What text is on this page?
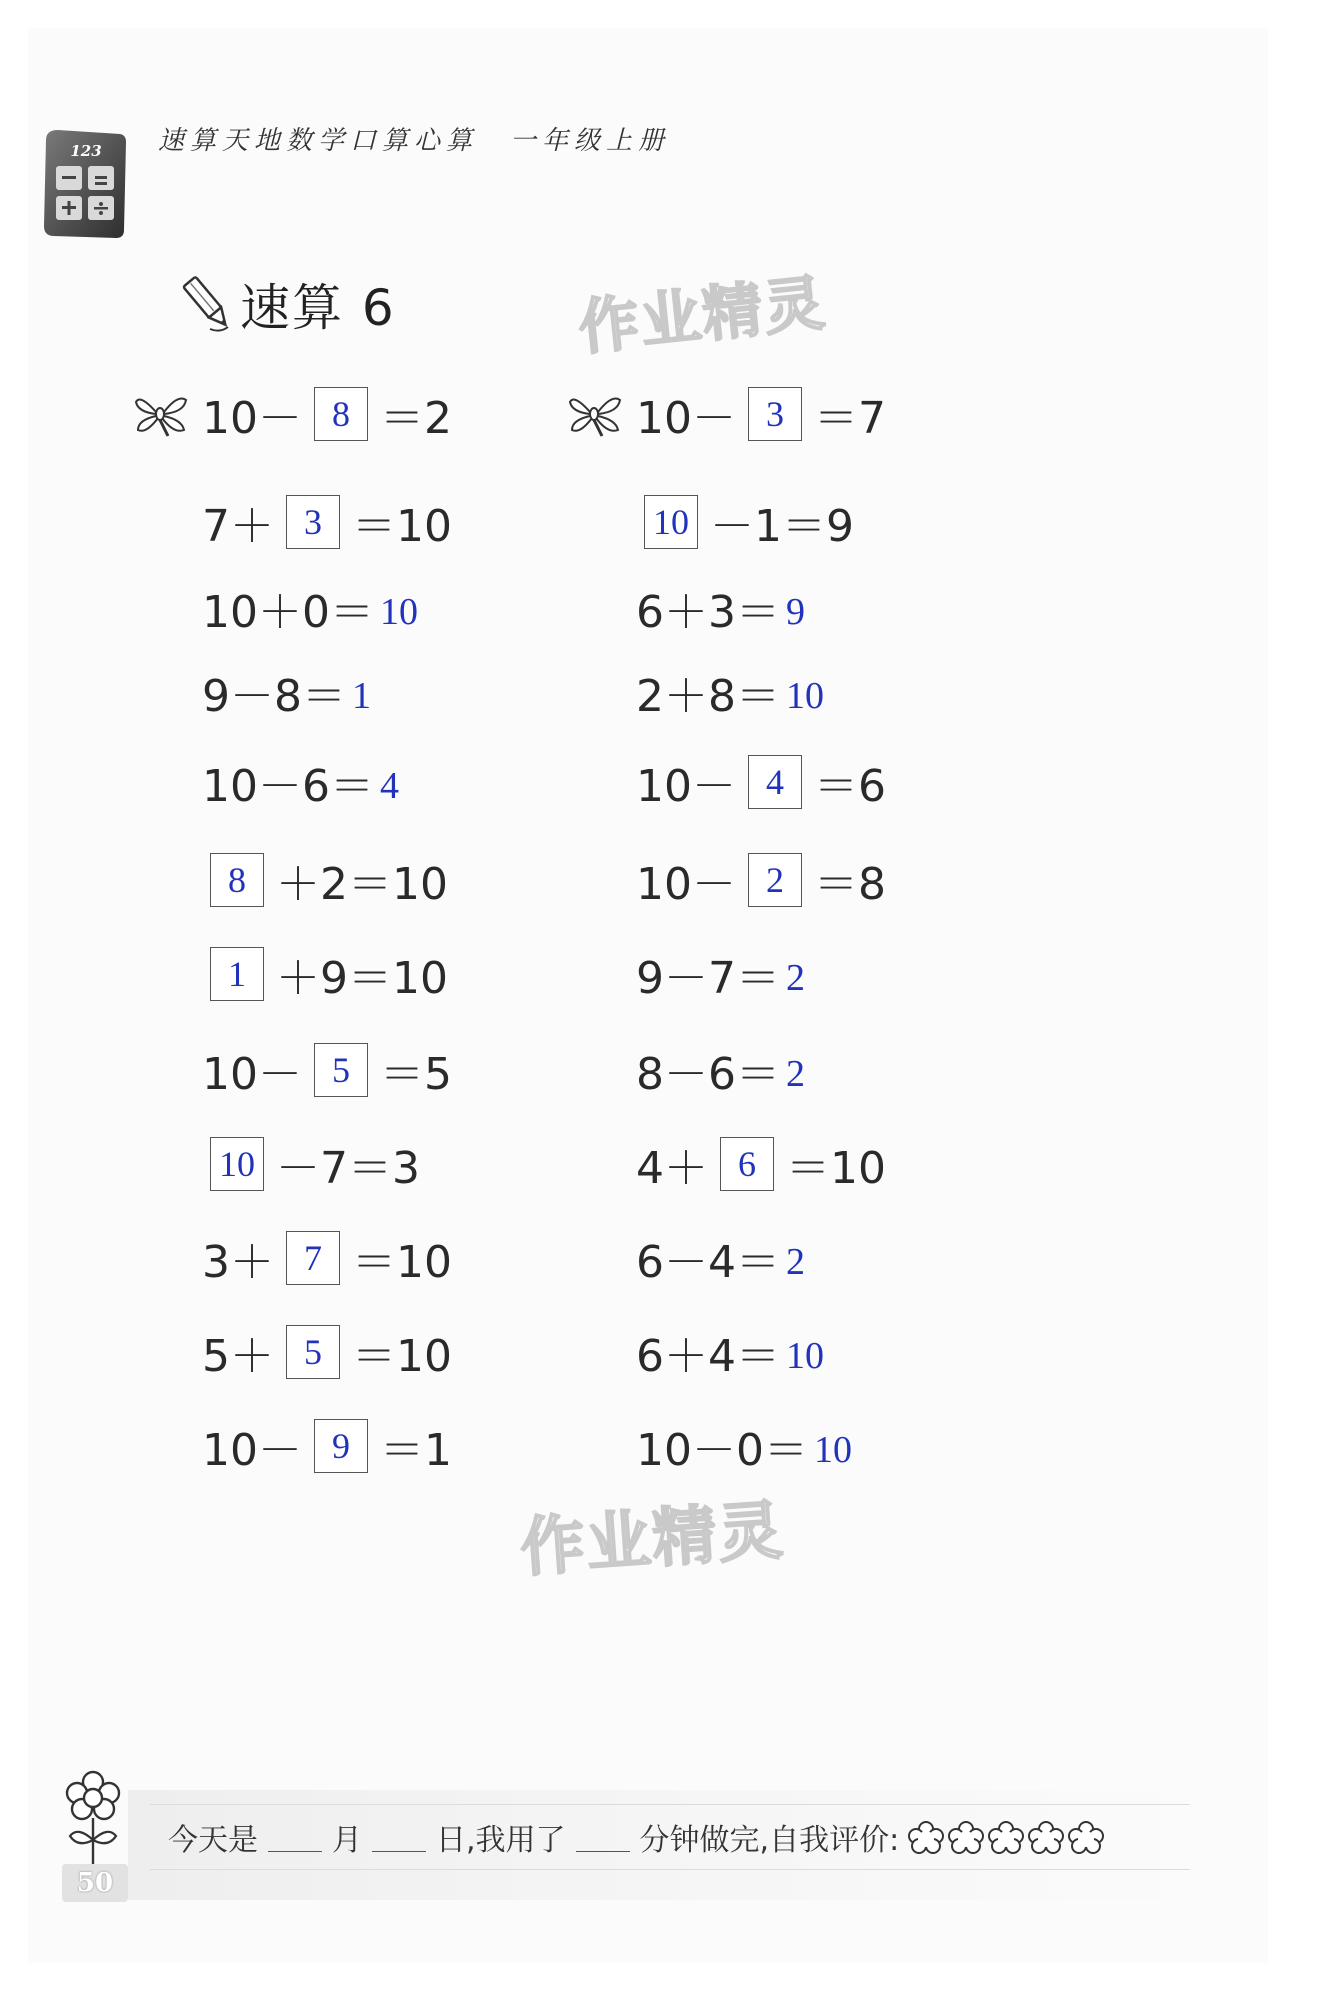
123 速算天地数学口算心算　一年级上册
速算 6	作业精灵
作业精灵
10－ 8 ＝2
7＋ 3 ＝10
10＋0＝ 10
9－8＝ 1
10－6＝ 4
8 ＋2＝10
1 ＋9＝10
10－ 5 ＝5
10 －7＝3
3＋ 7 ＝10
5＋ 5 ＝10
10－ 9 ＝1
10－ 3 ＝7
10 －1＝9
6＋3＝ 9
2＋8＝ 10
10－ 4 ＝6
10－ 2 ＝8
9－7＝ 2
8－6＝ 2
4＋ 6 ＝10
6－4＝ 2
6＋4＝ 10
10－0＝ 10
50
今天是 月 日,我用了 分钟做完,自我评价:
